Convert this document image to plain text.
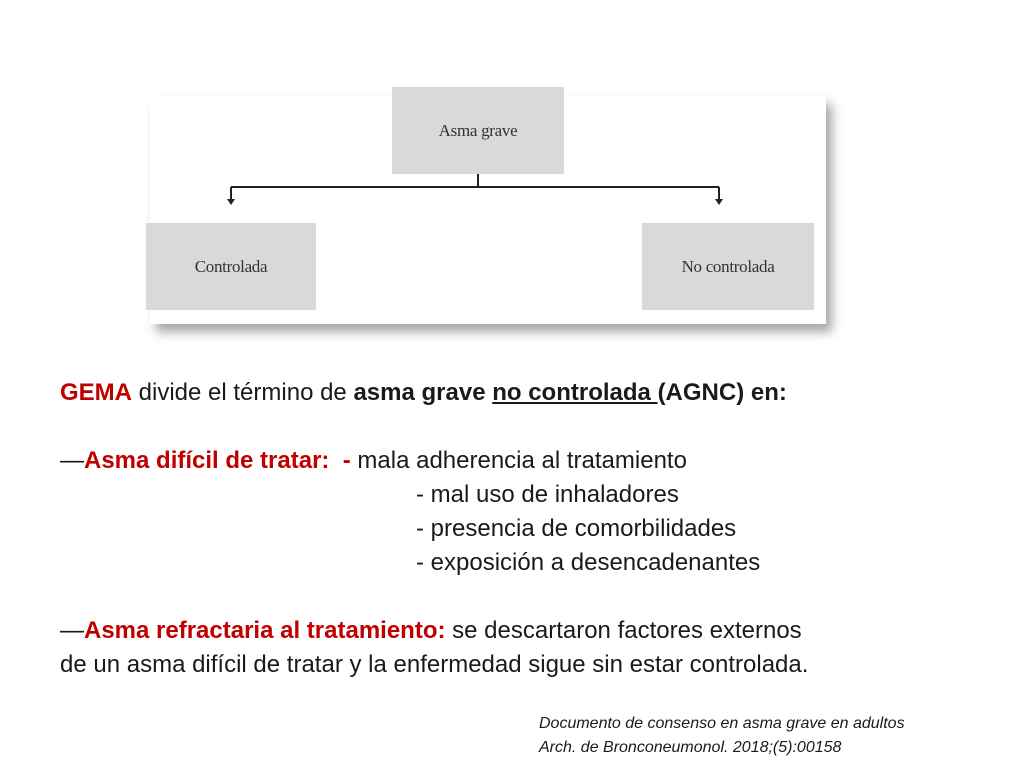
Asma grave
Controlada	No controlada
GEMA divide el término de asma grave no controlada (AGNC) en:
—Asma difícil de tratar:  - mala adherencia al tratamiento
- mal uso de inhaladores
- presencia de comorbilidades
- exposición a desencadenantes
—Asma refractaria al tratamiento: se descartaron factores externos
de un asma difícil de tratar y la enfermedad sigue sin estar controlada.
Documento de consenso en asma grave en adultos
Arch. de Bronconeumonol. 2018;(5):00158
